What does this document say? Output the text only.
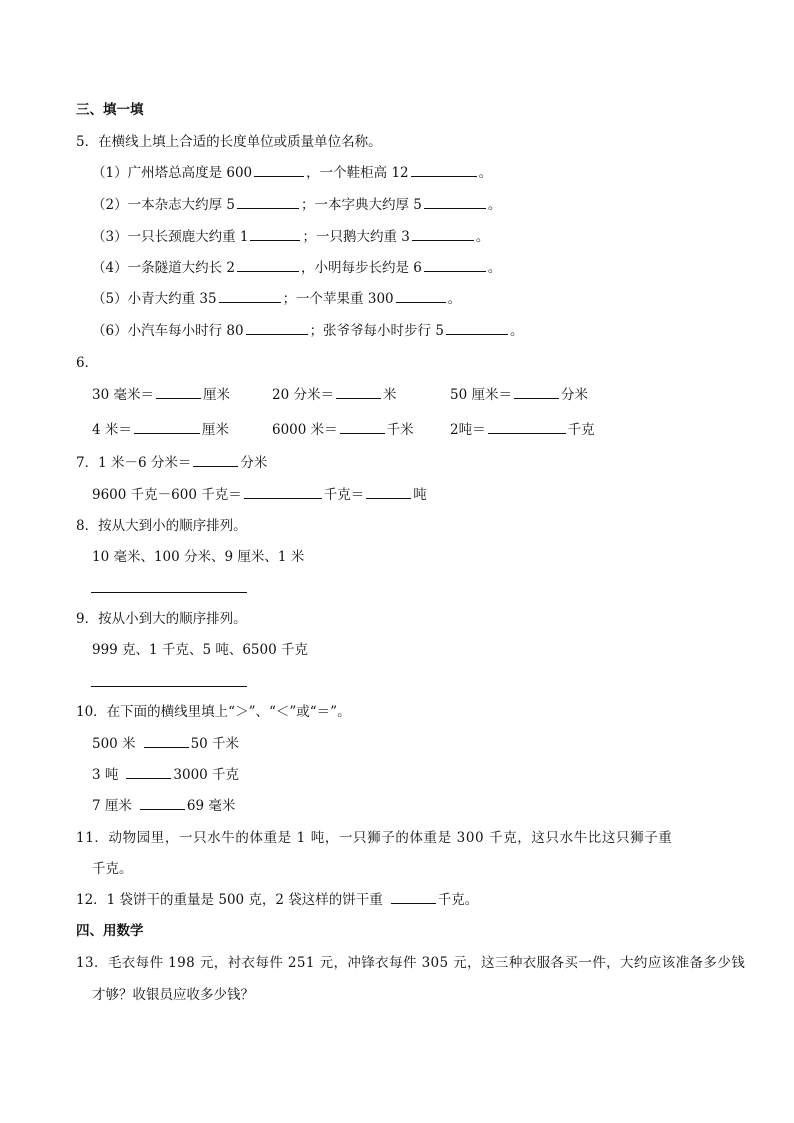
三、填一填
5．在横线上填上合适的长度单位或质量单位名称。
（1）广州塔总高度是 600	，一个鞋柜高 12	。
（2）一本杂志大约厚 5	；一本字典大约厚 5	。
（3）一只长颈鹿大约重 1	；一只鹅大约重 3	。
（4）一条隧道大约长 2	，小明每步长约是 6	。
（5）小青大约重 35	；一个苹果重 300	。
（6）小汽车每小时行 80	；张爷爷每小时步行 5	。
6．
30 毫米＝	厘米	20 分米＝	米	50 厘米＝	分米
4 米＝	厘米	6000 米＝	千米	2吨＝	千克
7．1 米－6 分米＝	分米
9600 千克－600 千克＝	千克＝	吨
8．按从大到小的顺序排列。
10 毫米、100 分米、9 厘米、1 米
9．按从小到大的顺序排列。
999 克、1 千克、5 吨、6500 千克
10．在下面的横线里填上“＞”、“＜”或“＝”。
500 米	50 千米
3 吨	3000 千克
7 厘米	69 毫米
11．动物园里，一只水牛的体重是 1 吨，一只狮子的体重是 300 千克，这只水牛比这只狮子重
千克。
12．1 袋饼干的重量是 500 克，2 袋这样的饼干重	千克。
四、用数学
13．毛衣每件 198 元，衬衣每件 251 元，冲锋衣每件 305 元，这三种衣服各买一件，大约应该准备多少钱
才够？收银员应收多少钱？
